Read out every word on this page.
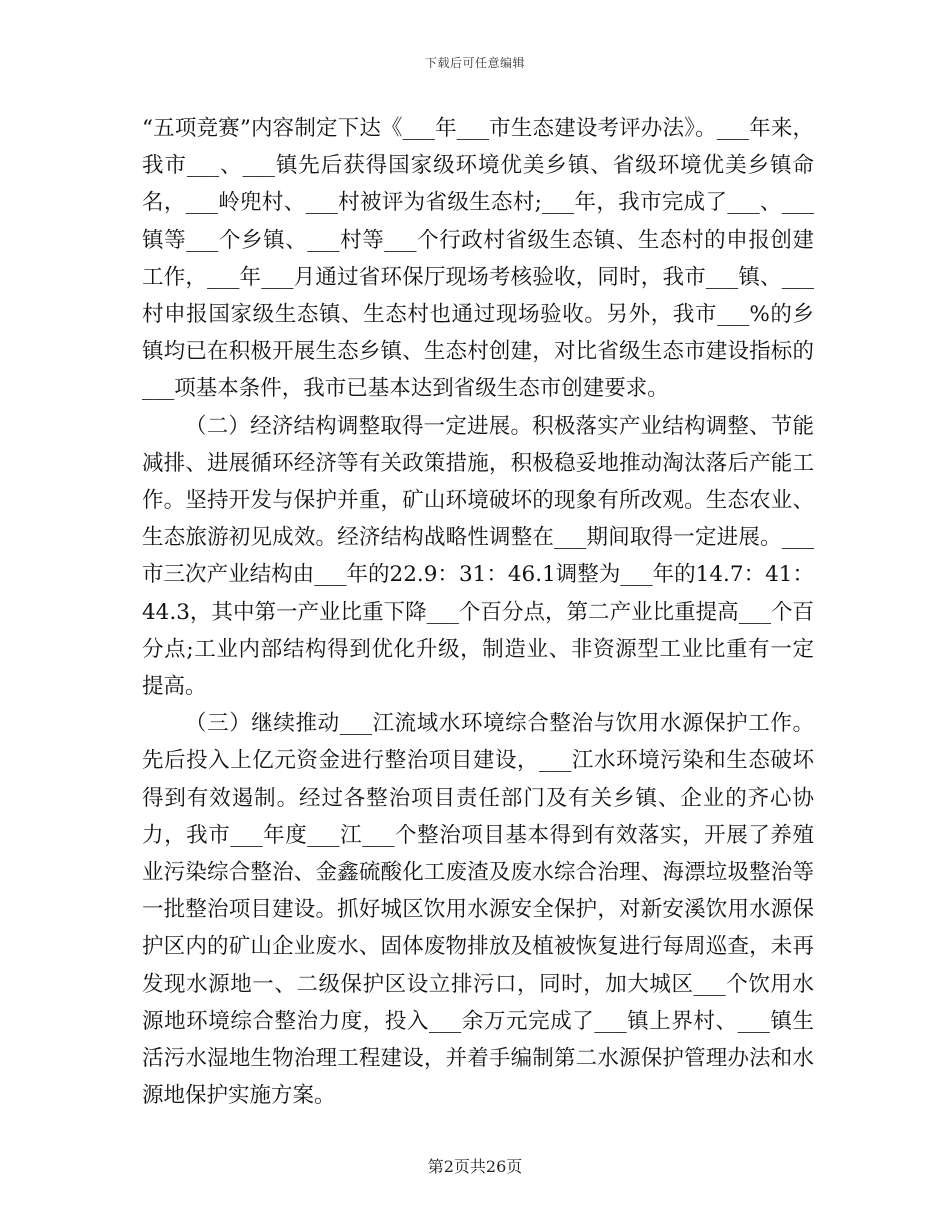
下载后可任意编辑

“五项竞赛”内容制定下达《___年___市生态建设考评办法》。___年来，我市___、___镇先后获得国家级环境优美乡镇、省级环境优美乡镇命名，___岭兜村、___村被评为省级生态村;___年，我市完成了___、___镇等___个乡镇、___村等___个行政村省级生态镇、生态村的申报创建工作，___年___月通过省环保厅现场考核验收，同时，我市___镇、___村申报国家级生态镇、生态村也通过现场验收。另外，我市___%的乡镇均已在积极开展生态乡镇、生态村创建，对比省级生态市建设指标的___项基本条件，我市已基本达到省级生态市创建要求。

（二）经济结构调整取得一定进展。积极落实产业结构调整、节能减排、进展循环经济等有关政策措施，积极稳妥地推动淘汰落后产能工作。坚持开发与保护并重，矿山环境破坏的现象有所改观。生态农业、生态旅游初见成效。经济结构战略性调整在___期间取得一定进展。___市三次产业结构由___年的22.9：31：46.1调整为___年的14.7：41：44.3，其中第一产业比重下降___个百分点，第二产业比重提高___个百分点;工业内部结构得到优化升级，制造业、非资源型工业比重有一定提高。

（三）继续推动___江流域水环境综合整治与饮用水源保护工作。先后投入上亿元资金进行整治项目建设，___江水环境污染和生态破坏得到有效遏制。经过各整治项目责任部门及有关乡镇、企业的齐心协力，我市___年度___江___个整治项目基本得到有效落实，开展了养殖业污染综合整治、金鑫硫酸化工废渣及废水综合治理、海漂垃圾整治等一批整治项目建设。抓好城区饮用水源安全保护，对新安溪饮用水源保护区内的矿山企业废水、固体废物排放及植被恢复进行每周巡查，未再发现水源地一、二级保护区设立排污口，同时，加大城区___个饮用水源地环境综合整治力度，投入___余万元完成了___镇上界村、___镇生活污水湿地生物治理工程建设，并着手编制第二水源保护管理办法和水源地保护实施方案。

第2页共26页
